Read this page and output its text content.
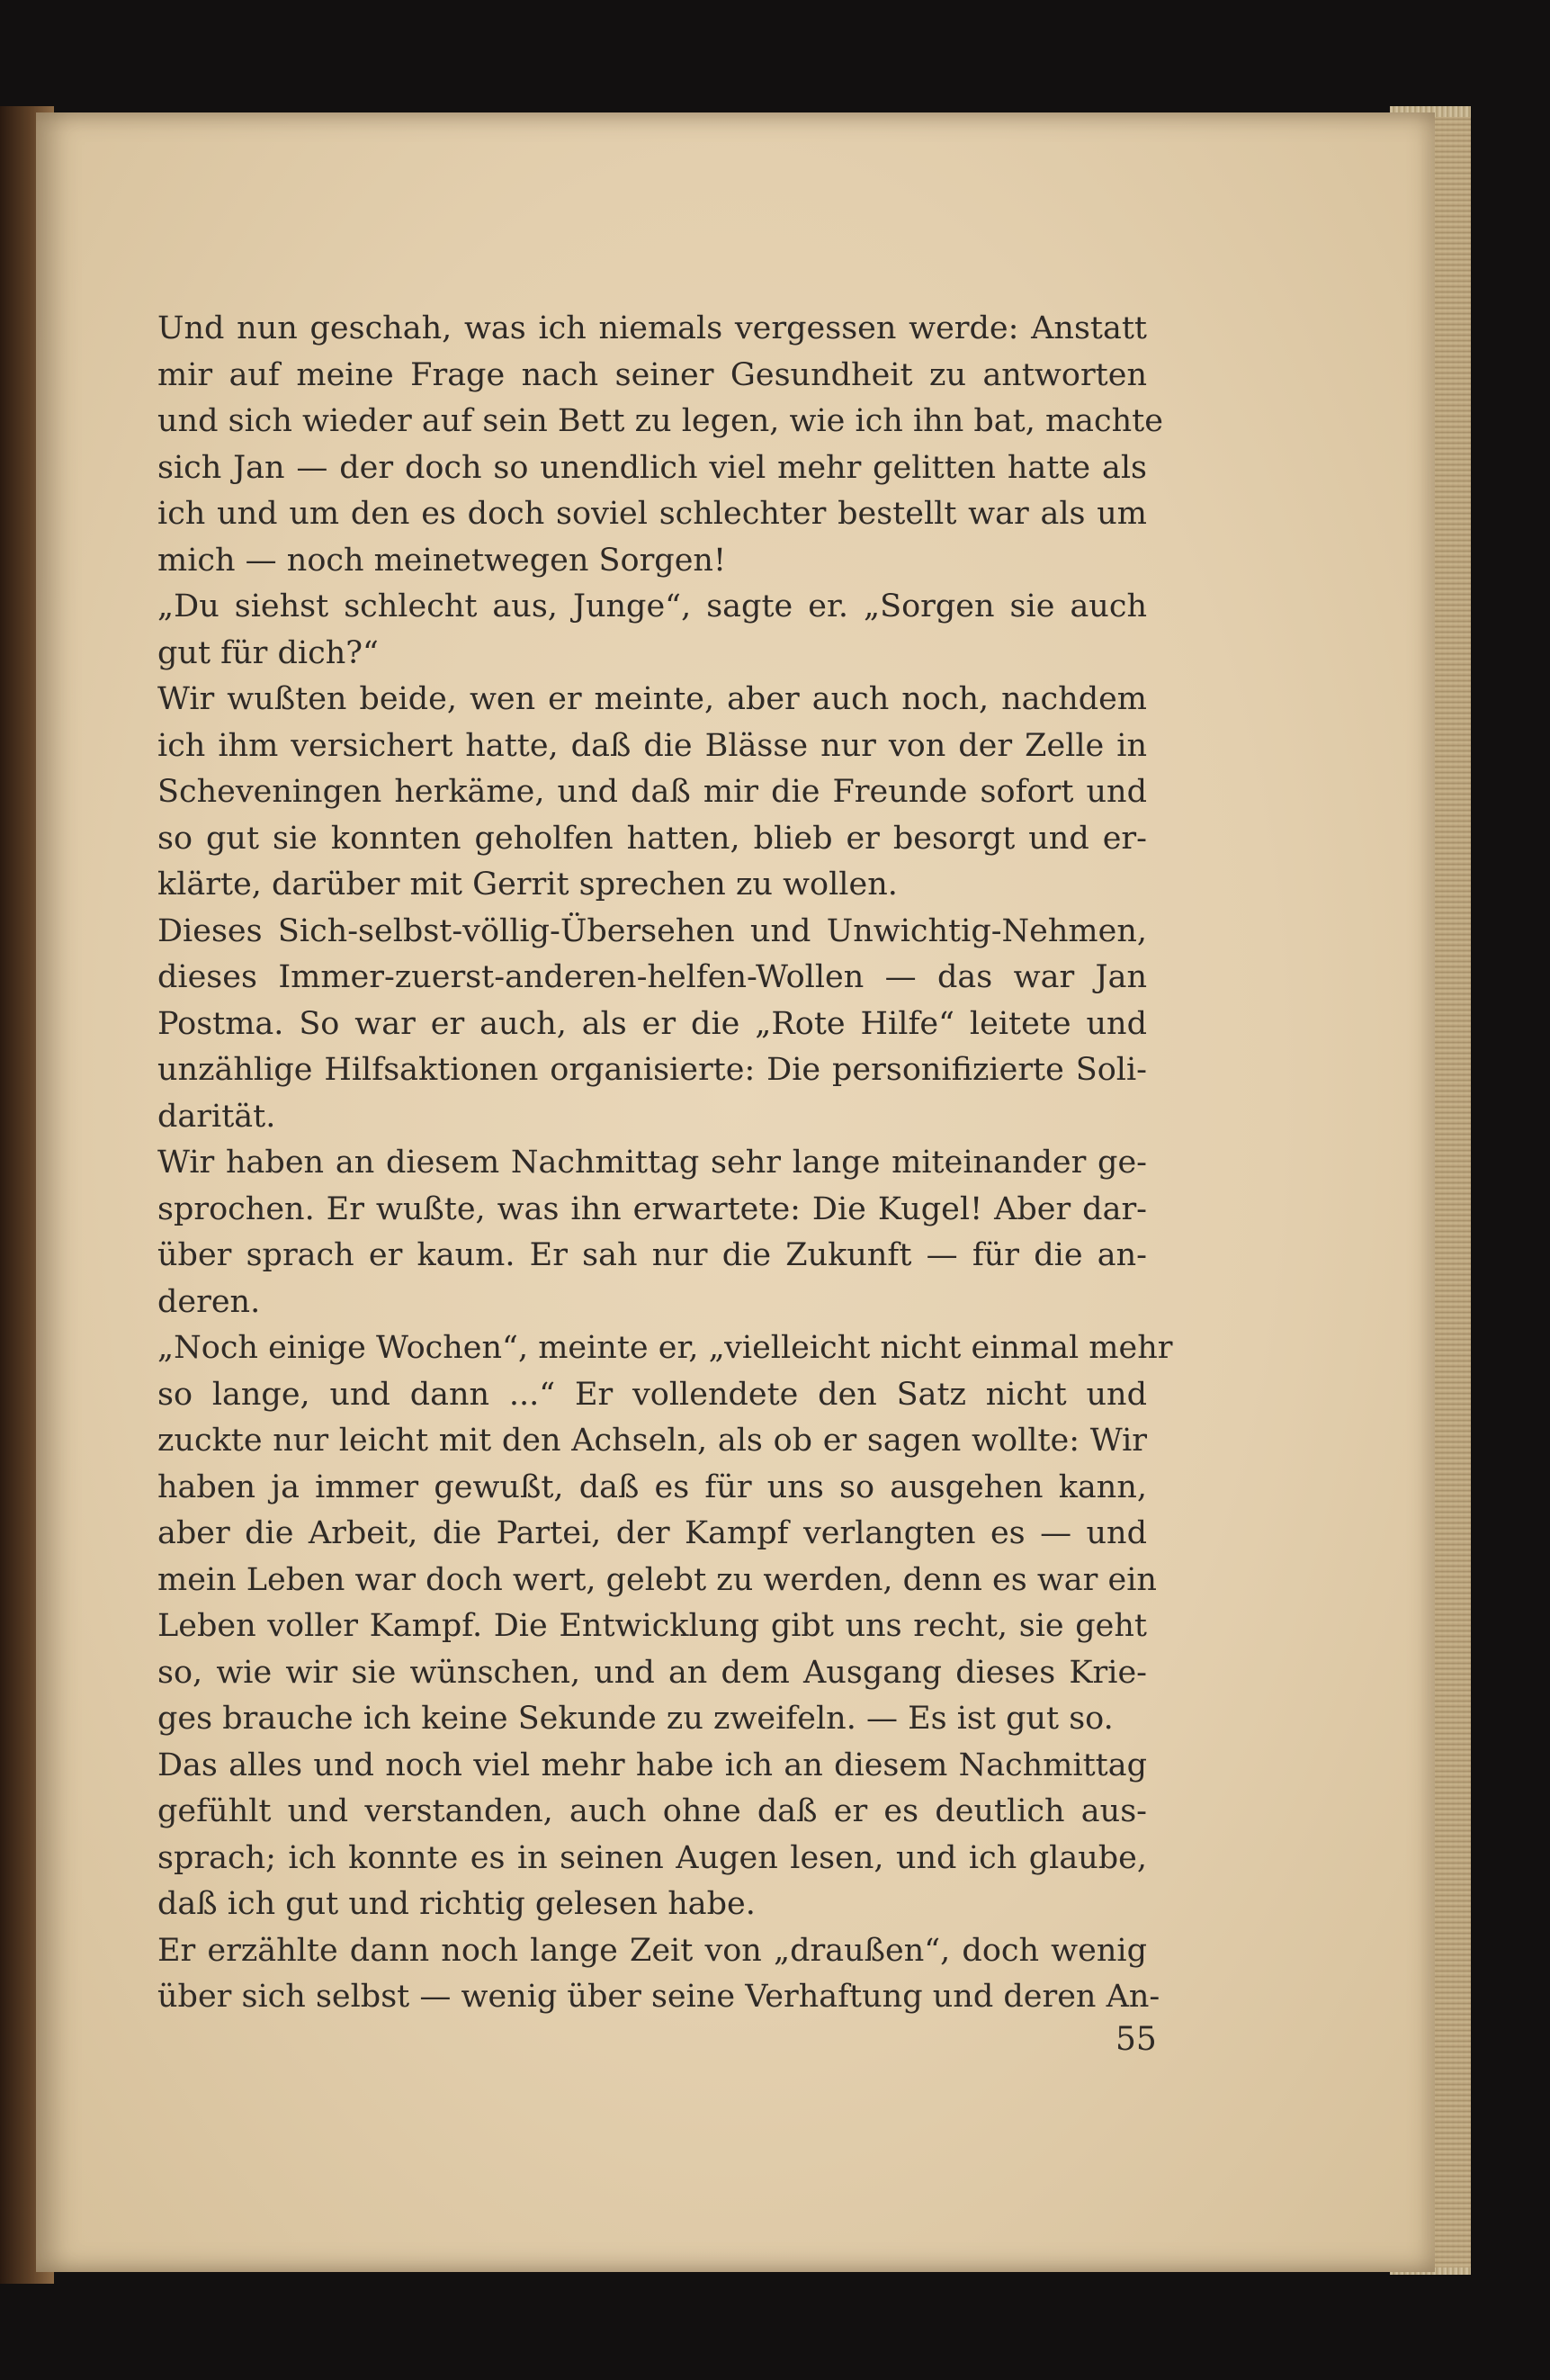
Und nun geschah, was ich niemals vergessen werde: Anstatt
mir auf meine Frage nach seiner Gesundheit zu antworten
und sich wieder auf sein Bett zu legen, wie ich ihn bat, machte
sich Jan — der doch so unendlich viel mehr gelitten hatte als
ich und um den es doch soviel schlechter bestellt war als um
mich — noch meinetwegen Sorgen!
„Du siehst schlecht aus, Junge“, sagte er. „Sorgen sie auch
gut für dich?“
Wir wußten beide, wen er meinte, aber auch noch, nachdem
ich ihm versichert hatte, daß die Blässe nur von der Zelle in
Scheveningen herkäme, und daß mir die Freunde sofort und
so gut sie konnten geholfen hatten, blieb er besorgt und er-
klärte, darüber mit Gerrit sprechen zu wollen.
Dieses Sich-selbst-völlig-Übersehen und Unwichtig-Nehmen,
dieses Immer-zuerst-anderen-helfen-Wollen — das war Jan
Postma. So war er auch, als er die „Rote Hilfe“ leitete und
unzählige Hilfsaktionen organisierte: Die personifizierte Soli-
darität.
Wir haben an diesem Nachmittag sehr lange miteinander ge-
sprochen. Er wußte, was ihn erwartete: Die Kugel! Aber dar-
über sprach er kaum. Er sah nur die Zukunft — für die an-
deren.
„Noch einige Wochen“, meinte er, „vielleicht nicht einmal mehr
so lange, und dann ...“ Er vollendete den Satz nicht und
zuckte nur leicht mit den Achseln, als ob er sagen wollte: Wir
haben ja immer gewußt, daß es für uns so ausgehen kann,
aber die Arbeit, die Partei, der Kampf verlangten es — und
mein Leben war doch wert, gelebt zu werden, denn es war ein
Leben voller Kampf. Die Entwicklung gibt uns recht, sie geht
so, wie wir sie wünschen, und an dem Ausgang dieses Krie-
ges brauche ich keine Sekunde zu zweifeln. — Es ist gut so.
Das alles und noch viel mehr habe ich an diesem Nachmittag
gefühlt und verstanden, auch ohne daß er es deutlich aus-
sprach; ich konnte es in seinen Augen lesen, und ich glaube,
daß ich gut und richtig gelesen habe.
Er erzählte dann noch lange Zeit von „draußen“, doch wenig
über sich selbst — wenig über seine Verhaftung und deren An-
55
